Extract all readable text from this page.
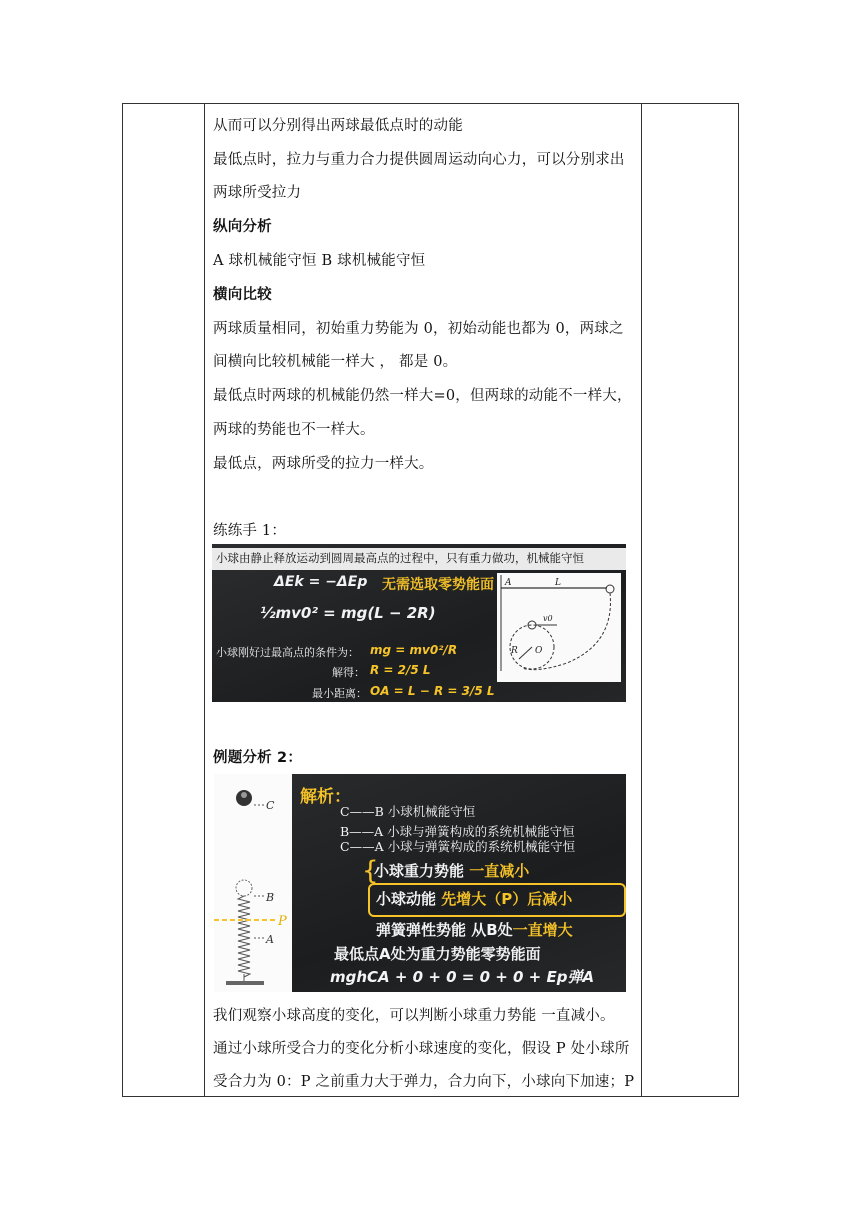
从而可以分别得出两球最低点时的动能
最低点时，拉力与重力合力提供圆周运动向心力，可以分别求出
两球所受拉力
纵向分析
A 球机械能守恒 B 球机械能守恒
横向比较
两球质量相同，初始重力势能为 0，初始动能也都为 0，两球之
间横向比较机械能一样大 ， 都是 0。
最低点时两球的机械能仍然一样大=0，但两球的动能不一样大，
两球的势能也不一样大。
最低点，两球所受的拉力一样大。
练练手 1：
小球由静止释放运动到圆周最高点的过程中，只有重力做功，机械能守恒
ΔEk = −ΔEp 无需选取零势能面
½mv0² = mg(L − 2R)
小球刚好过最高点的条件为： mg = mv0²/R
解得： R = 2/5 L
最小距离： OA = L − R = 3/5 L
A	L
v0
R O
例题分析 2：
C
B
P
A
解析：
C——B 小球机械能守恒
B——A 小球与弹簧构成的系统机械能守恒
C——A 小球与弹簧构成的系统机械能守恒
{
小球重力势能 一直减小
小球动能 先增大（P）后减小
弹簧弹性势能 从B处一直增大
最低点A处为重力势能零势能面
mghCA + 0 + 0 = 0 + 0 + Ep弹A
我们观察小球高度的变化，可以判断小球重力势能 一直减小。
通过小球所受合力的变化分析小球速度的变化，假设 P 处小球所
受合力为 0：P 之前重力大于弹力，合力向下，小球向下加速；P
